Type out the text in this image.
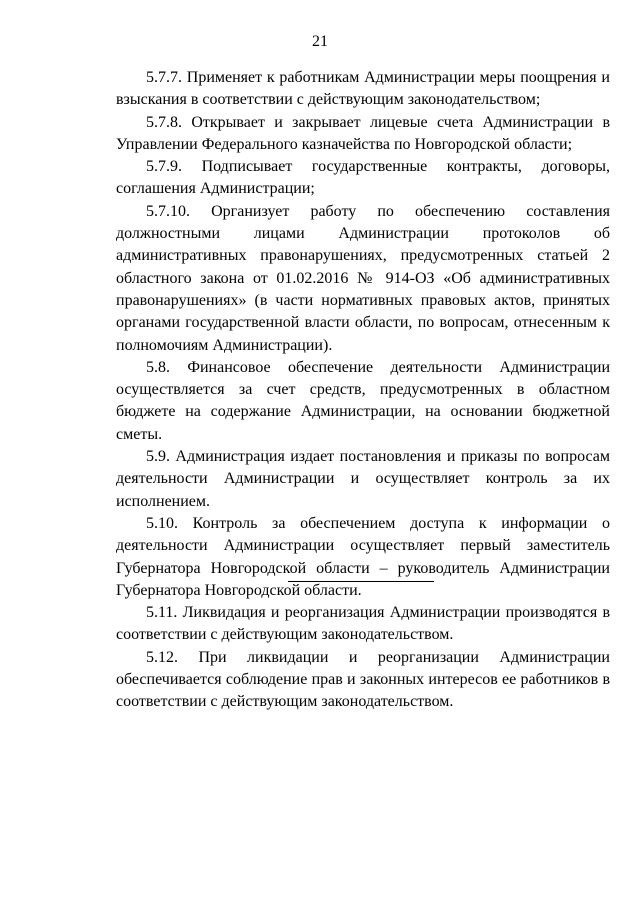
21

5.7.7. Применяет к работникам Администрации меры поощрения и взыскания в соответствии с действующим законодательством;

5.7.8. Открывает и закрывает лицевые счета Администрации в Управлении Федерального казначейства по Новгородской области;

5.7.9. Подписывает государственные контракты, договоры, соглашения Администрации;

5.7.10. Организует работу по обеспечению составления должностными лицами Администрации протоколов об административных правонарушениях, предусмотренных статьей 2 областного закона от 01.02.2016 № 914-ОЗ «Об административных правонарушениях» (в части нормативных правовых актов, принятых органами государственной власти области, по вопросам, отнесенным к полномочиям Администрации).

5.8. Финансовое обеспечение деятельности Администрации осуществляется за счет средств, предусмотренных в областном бюджете на содержание Администрации, на основании бюджетной сметы.

5.9. Администрация издает постановления и приказы по вопросам деятельности Администрации и осуществляет контроль за их исполнением.

5.10. Контроль за обеспечением доступа к информации о деятельности Администрации осуществляет первый заместитель Губернатора Новгородской области – руководитель Администрации Губернатора Новгородской области.

5.11. Ликвидация и реорганизация Администрации производятся в соответствии с действующим законодательством.

5.12. При ликвидации и реорганизации Администрации обеспечивается соблюдение прав и законных интересов ее работников в соответствии с действующим законодательством.
